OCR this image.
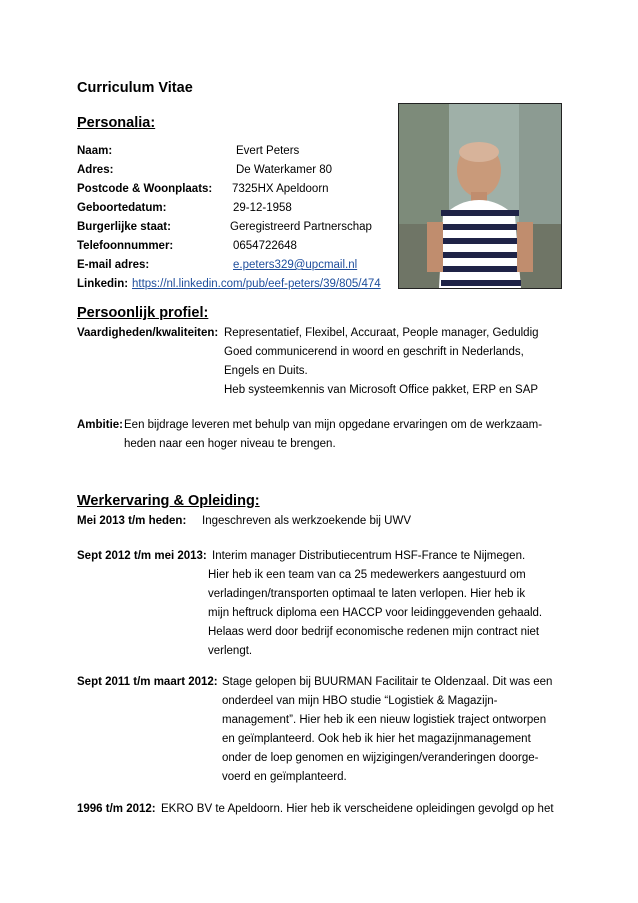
Curriculum Vitae
Personalia:
Naam:	Evert Peters
Adres:	De Waterkamer 80
Postcode & Woonplaats: 7325HX Apeldoorn
Geboortedatum:	29-12-1958
Burgerlijke staat:	Geregistreerd Partnerschap
Telefoonnummer:	0654722648
E-mail adres:	e.peters329@upcmail.nl
Linkedin: https://nl.linkedin.com/pub/eef-peters/39/805/474
Persoonlijk profiel:
Vaardigheden/kwaliteiten: Representatief, Flexibel, Accuraat, People manager, Geduldig
Goed communicerend in woord en geschrift in Nederlands,
Engels en Duits.
Heb systeemkennis van Microsoft Office pakket, ERP en SAP
Ambitie: Een bijdrage leveren met behulp van mijn opgedane ervaringen om de werkzaam-
heden naar een hoger niveau te brengen.
Werkervaring & Opleiding:
Mei 2013 t/m heden: Ingeschreven als werkzoekende bij UWV
Sept 2012 t/m mei 2013: Interim manager Distributiecentrum HSF-France te Nijmegen.
Hier heb ik een team van ca 25 medewerkers aangestuurd om
verladingen/transporten optimaal te laten verlopen. Hier heb ik
mijn heftruck diploma een HACCP voor leidinggevenden gehaald.
Helaas werd door bedrijf economische redenen mijn contract niet
verlengt.
Sept 2011 t/m maart 2012: Stage gelopen bij BUURMAN Facilitair te Oldenzaal. Dit was een
onderdeel van mijn HBO studie “Logistiek & Magazijn-
management”. Hier heb ik een nieuw logistiek traject ontworpen
en geïmplanteerd. Ook heb ik hier het magazijnmanagement
onder de loep genomen en wijzigingen/veranderingen doorge-
voerd en geïmplanteerd.
1996 t/m 2012: EKRO BV te Apeldoorn. Hier heb ik verscheidene opleidingen gevolgd op het
